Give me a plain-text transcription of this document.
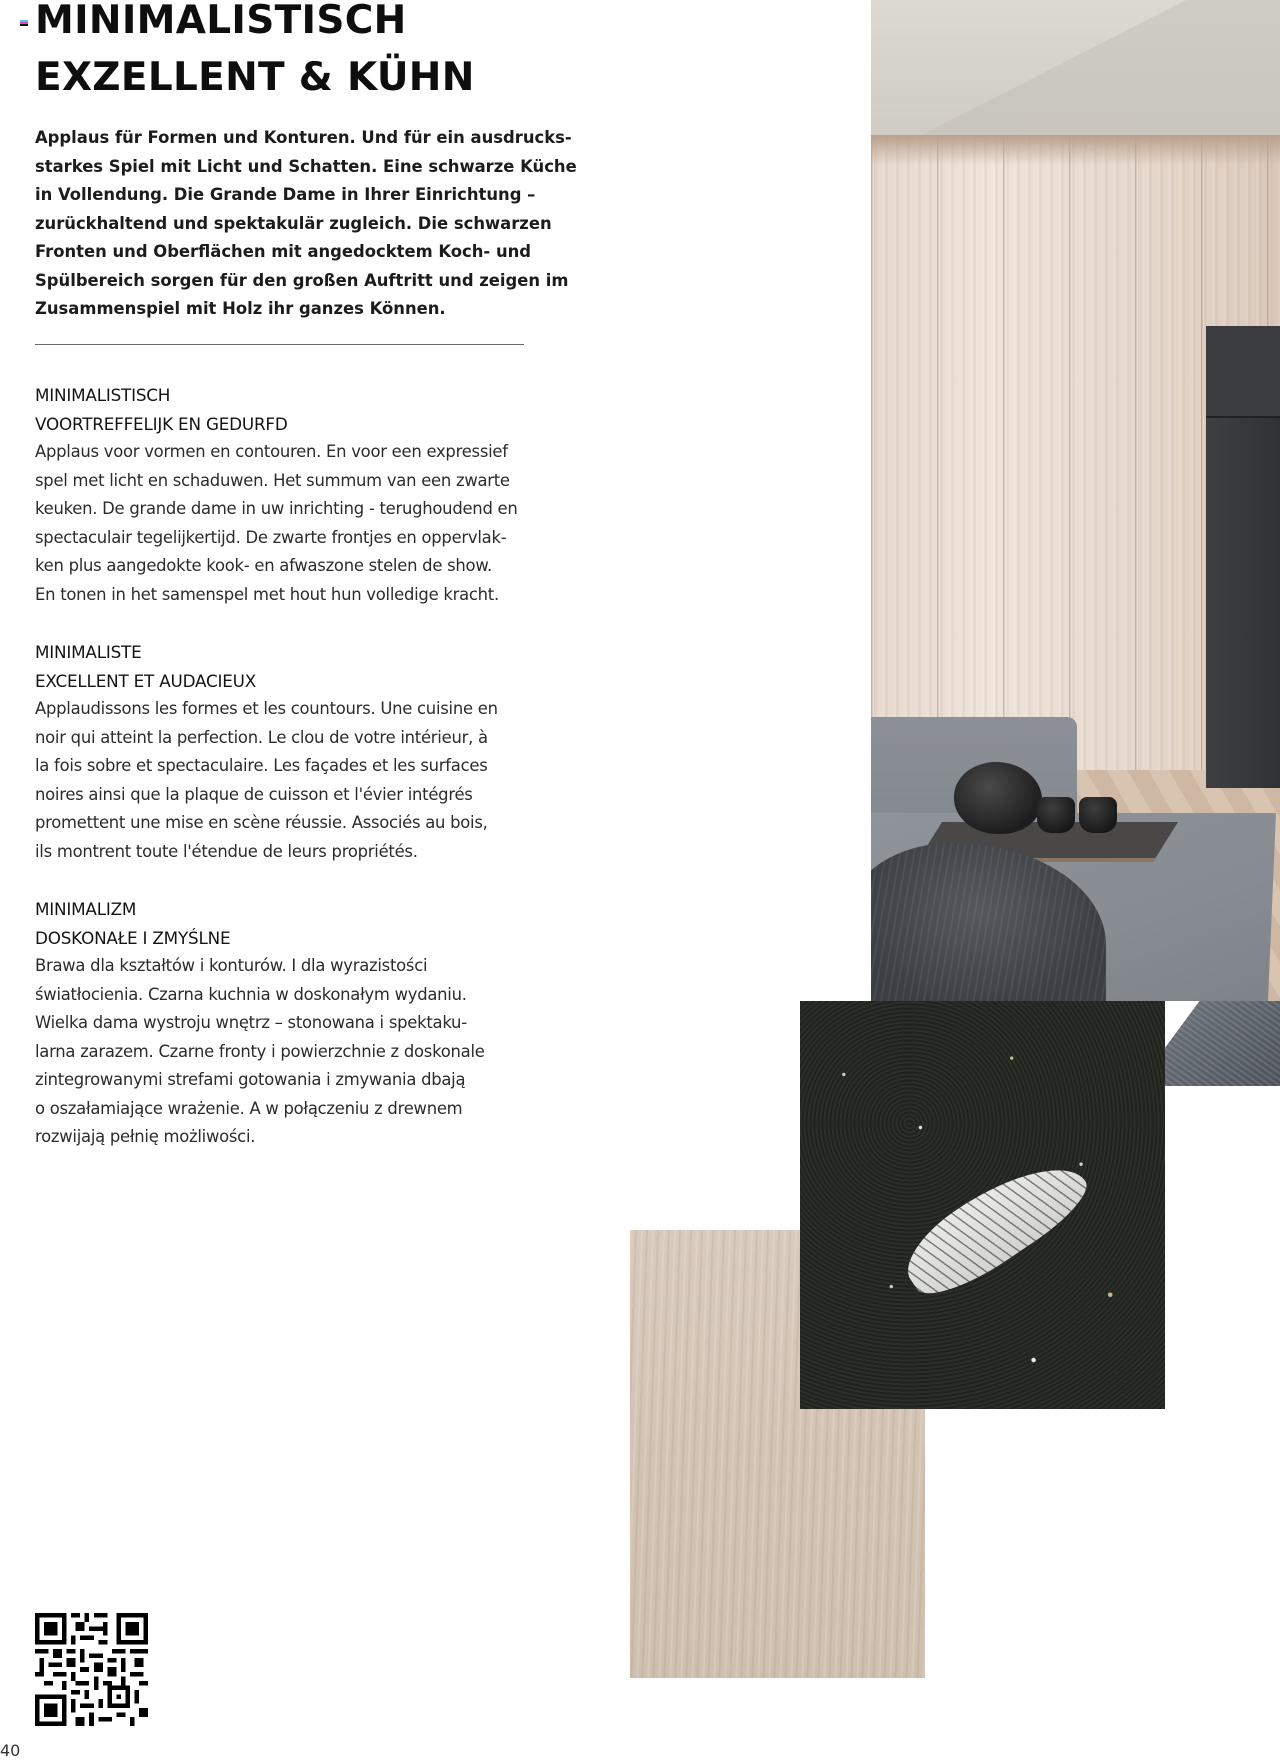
MINIMALISTISCH
EXZELLENT & KÜHN

Applaus für Formen und Konturen. Und für ein ausdrucks-
starkes Spiel mit Licht und Schatten. Eine schwarze Küche
in Vollendung. Die Grande Dame in Ihrer Einrichtung –
zurückhaltend und spektakulär zugleich. Die schwarzen
Fronten und Oberflächen mit angedocktem Koch- und
Spülbereich sorgen für den großen Auftritt und zeigen im
Zusammenspiel mit Holz ihr ganzes Können.

MINIMALISTISCH
VOORTREFFELIJK EN GEDURFD
Applaus voor vormen en contouren. En voor een expressief
spel met licht en schaduwen. Het summum van een zwarte
keuken. De grande dame in uw inrichting - terughoudend en
spectaculair tegelijkertijd. De zwarte frontjes en oppervlak-
ken plus aangedokte kook- en afwaszone stelen de show.
En tonen in het samenspel met hout hun volledige kracht.
MINIMALISTE
EXCELLENT ET AUDACIEUX
Applaudissons les formes et les countours. Une cuisine en
noir qui atteint la perfection. Le clou de votre intérieur, à
la fois sobre et spectaculaire. Les façades et les surfaces
noires ainsi que la plaque de cuisson et l'évier intégrés
promettent une mise en scène réussie. Associés au bois,
ils montrent toute l'étendue de leurs propriétés.
MINIMALIZM
DOSKONAŁE I ZMYŚLNE
Brawa dla kształtów i konturów. I dla wyrazistości
światłocienia. Czarna kuchnia w doskonałym wydaniu.
Wielka dama wystroju wnętrz – stonowana i spektaku-
larna zarazem. Czarne fronty i powierzchnie z doskonale
zintegrowanymi strefami gotowania i zmywania dbają
o oszałamiające wrażenie. A w połączeniu z drewnem
rozwijają pełnię możliwości.
40
